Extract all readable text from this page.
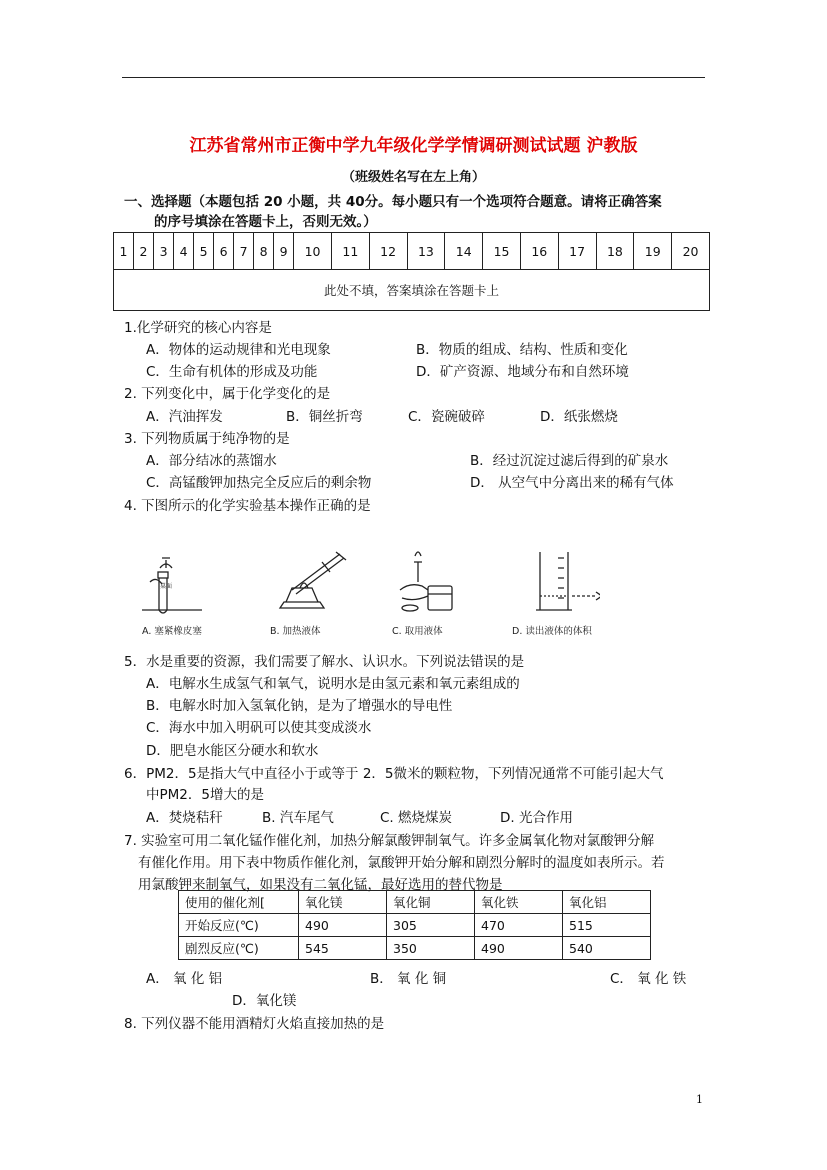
江苏省常州市正衡中学九年级化学学情调研测试试题 沪教版
（班级姓名写在左上角）
一、选择题（本题包括 20 小题，共 40分。每小题只有一个选项符合题意。请将正确答案
的序号填涂在答题卡上，否则无效。）
1	2	3	4	5	6	7	8	9	10	11	12	13	14	15	16	17	18	19	20
此处不填，答案填涂在答题卡上
1.化学研究的核心内容是
A．物体的运动规律和光电现象	B．物质的组成、结构、性质和变化
C．生命有机体的形成及功能	D．矿产资源、地域分布和自然环境
2. 下列变化中，属于化学变化的是
A．汽油挥发	B．铜丝折弯	C．瓷碗破碎	D．纸张燃烧
3. 下列物质属于纯净物的是
A．部分结冰的蒸馏水	B．经过沉淀过滤后得到的矿泉水
C．高锰酸钾加热完全反应后的剩余物	D． 从空气中分离出来的稀有气体
4. 下图所示的化学实验基本操作正确的是
桌面
A. 塞紧橡皮塞	B. 加热液体	C. 取用液体	D. 读出液体的体积
5．水是重要的资源，我们需要了解水、认识水。下列说法错误的是
A．电解水生成氢气和氧气，说明水是由氢元素和氧元素组成的
B．电解水时加入氢氧化钠，是为了增强水的导电性
C．海水中加入明矾可以使其变成淡水
D．肥皂水能区分硬水和软水
6．PM2．5是指大气中直径小于或等于 2．5微米的颗粒物，下列情况通常不可能引起大气
中PM2．5增大的是
A．焚烧秸秆	B. 汽车尾气	C. 燃烧煤炭	D. 光合作用
7. 实验室可用二氧化锰作催化剂，加热分解氯酸钾制氧气。许多金属氧化物对氯酸钾分解
有催化作用。用下表中物质作催化剂，氯酸钾开始分解和剧烈分解时的温度如表所示。若
用氯酸钾来制氧气，如果没有二氧化锰，最好选用的替代物是
使用的催化剂[	氧化镁	氧化铜	氧化铁	氧化铝
开始反应(℃)	490	305	470	515
剧烈反应(℃)	545	350	490	540
A． 氧 化 铝	B． 氧 化 铜	C． 氧 化 铁
D．氧化镁
8. 下列仪器不能用酒精灯火焰直接加热的是
1
